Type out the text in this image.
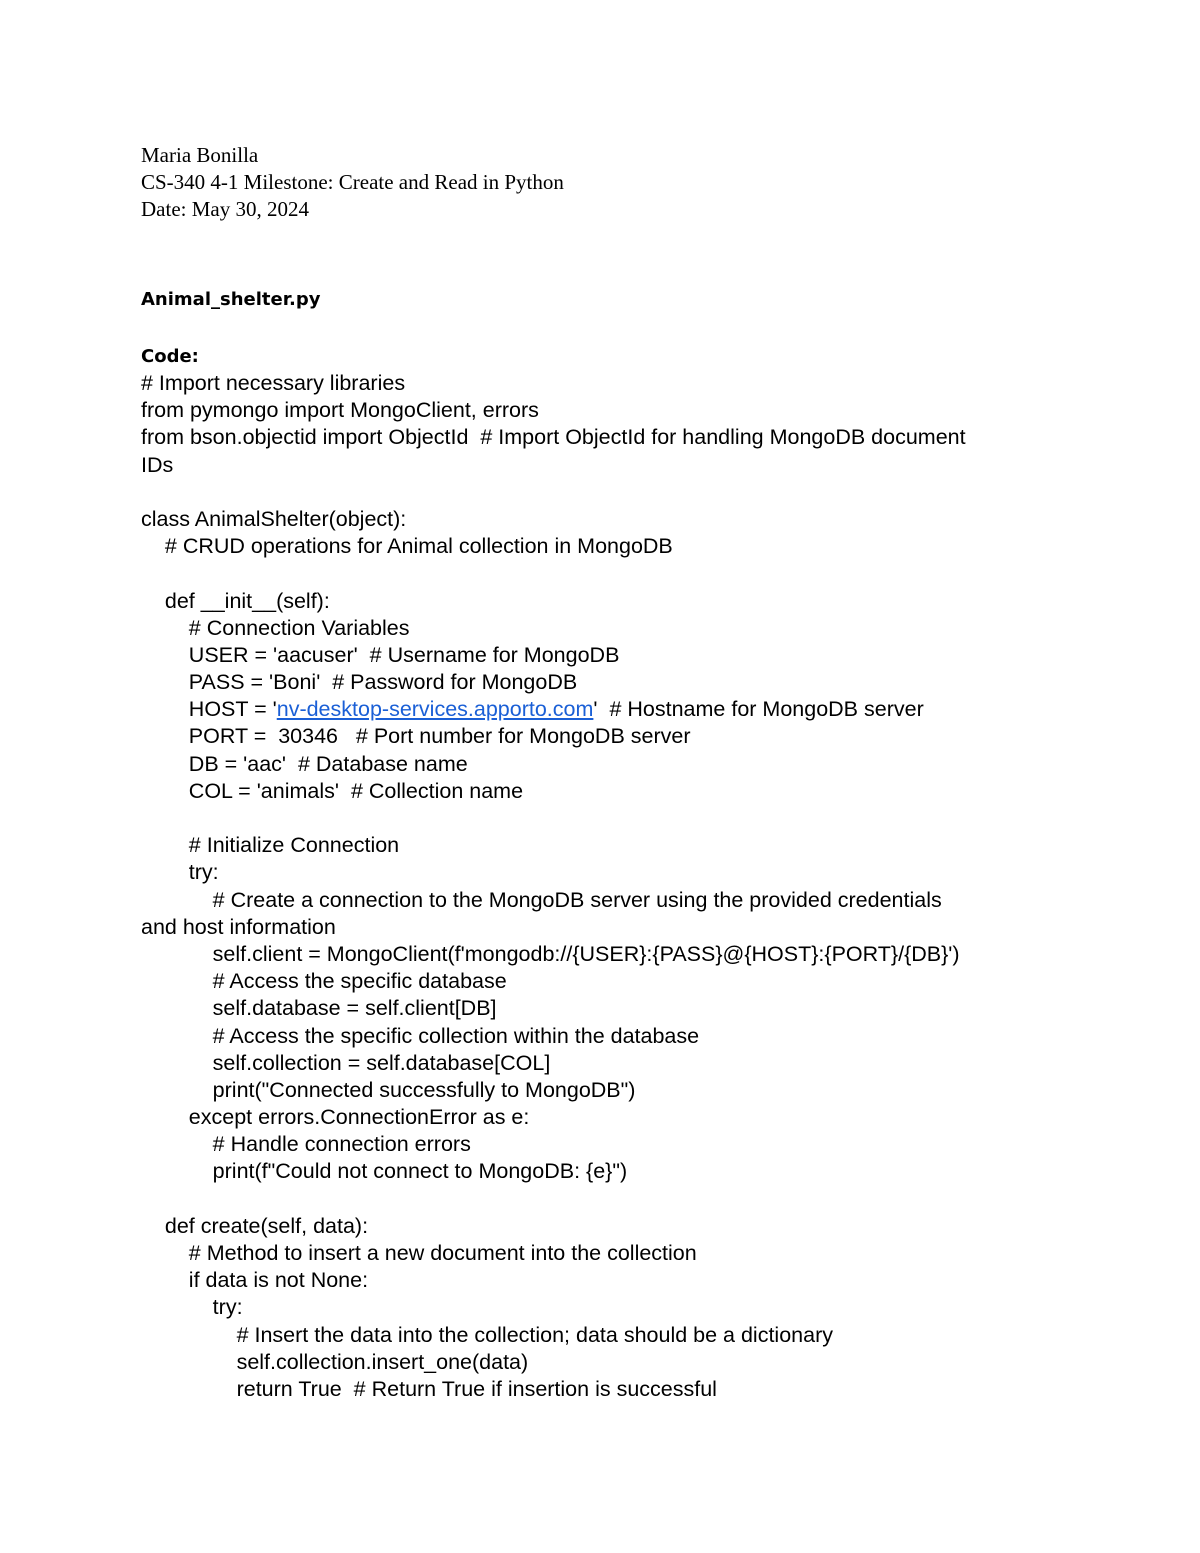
Maria Bonilla
CS-340 4-1 Milestone: Create and Read in Python
Date: May 30, 2024
Animal_shelter.py
Code:
# Import necessary libraries
from pymongo import MongoClient, errors
from bson.objectid import ObjectId  # Import ObjectId for handling MongoDB document
IDs
class AnimalShelter(object):
# CRUD operations for Animal collection in MongoDB
def __init__(self):
# Connection Variables
USER = 'aacuser'  # Username for MongoDB
PASS = 'Boni'  # Password for MongoDB
HOST = 'nv-desktop-services.apporto.com'  # Hostname for MongoDB server
PORT =  30346   # Port number for MongoDB server
DB = 'aac'  # Database name
COL = 'animals'  # Collection name
# Initialize Connection
try:
# Create a connection to the MongoDB server using the provided credentials
and host information
self.client = MongoClient(f'mongodb://{USER}:{PASS}@{HOST}:{PORT}/{DB}')
# Access the specific database
self.database = self.client[DB]
# Access the specific collection within the database
self.collection = self.database[COL]
print("Connected successfully to MongoDB")
except errors.ConnectionError as e:
# Handle connection errors
print(f"Could not connect to MongoDB: {e}")
def create(self, data):
# Method to insert a new document into the collection
if data is not None:
try:
# Insert the data into the collection; data should be a dictionary
self.collection.insert_one(data)
return True  # Return True if insertion is successful
